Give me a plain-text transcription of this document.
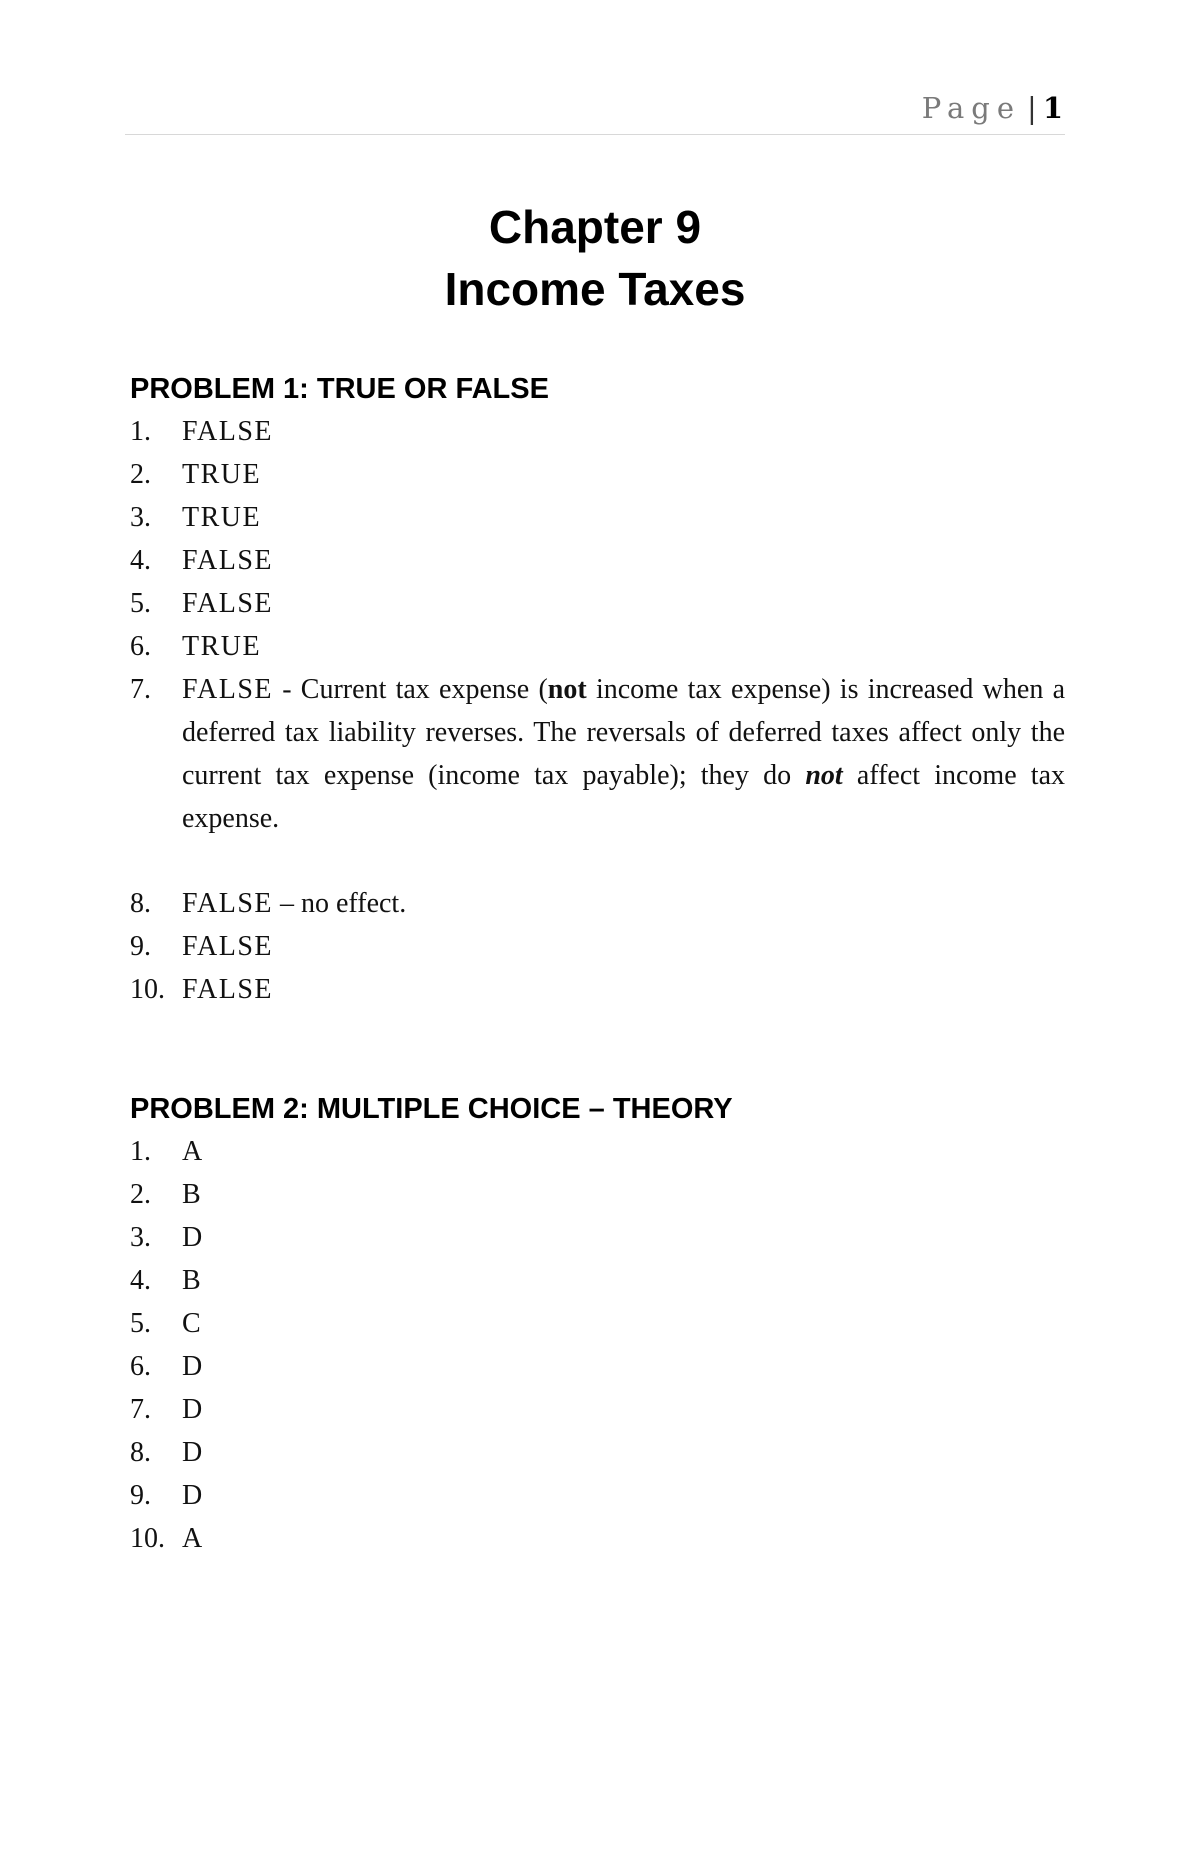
Page | 1
Chapter 9
Income Taxes
PROBLEM 1: TRUE OR FALSE
1.	FALSE
2.	TRUE
3.	TRUE
4.	FALSE
5.	FALSE
6.	TRUE
7.	FALSE - Current tax expense (not income tax expense) is increased when a deferred tax liability reverses. The reversals of deferred taxes affect only the current tax expense (income tax payable); they do not affect income tax expense.
8.	FALSE – no effect.
9.	FALSE
10. FALSE
PROBLEM 2: MULTIPLE CHOICE – THEORY
1.	A
2.	B
3.	D
4.	B
5.	C
6.	D
7.	D
8.	D
9.	D
10. A
